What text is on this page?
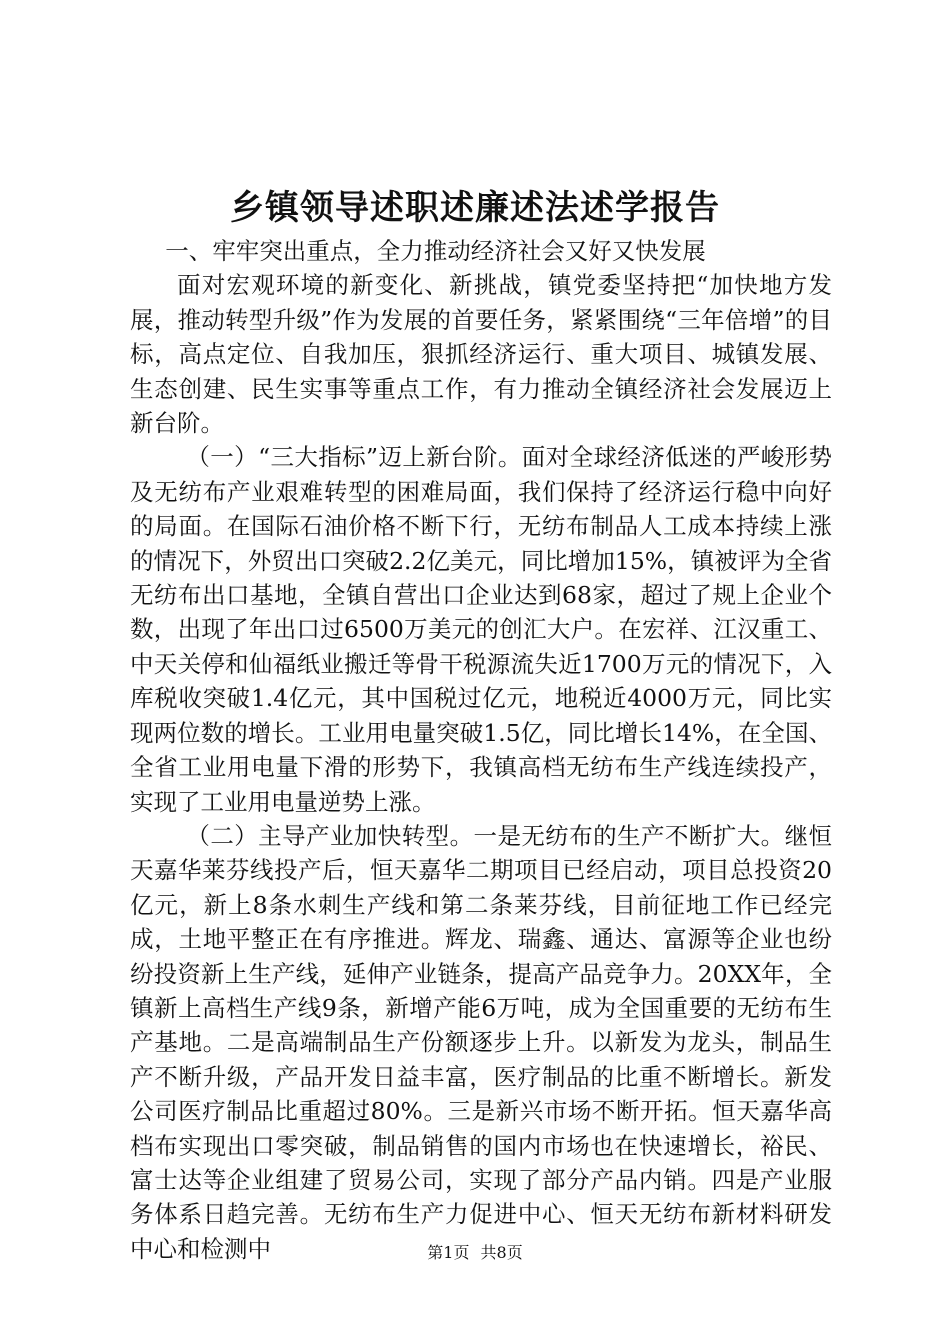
乡镇领导述职述廉述法述学报告

一、牢牢突出重点，全力推动经济社会又好又快发展

面对宏观环境的新变化、新挑战，镇党委坚持把“加快地方发展，推动转型升级”作为发展的首要任务，紧紧围绕“三年倍增”的目标，高点定位、自我加压，狠抓经济运行、重大项目、城镇发展、生态创建、民生实事等重点工作，有力推动全镇经济社会发展迈上新台阶。

（一）“三大指标”迈上新台阶。面对全球经济低迷的严峻形势及无纺布产业艰难转型的困难局面，我们保持了经济运行稳中向好的局面。在国际石油价格不断下行，无纺布制品人工成本持续上涨的情况下，外贸出口突破2.2亿美元，同比增加15%，镇被评为全省无纺布出口基地，全镇自营出口企业达到68家，超过了规上企业个数，出现了年出口过6500万美元的创汇大户。在宏祥、江汉重工、中天关停和仙福纸业搬迁等骨干税源流失近1700万元的情况下，入库税收突破1.4亿元，其中国税过亿元，地税近4000万元，同比实现两位数的增长。工业用电量突破1.5亿，同比增长14%，在全国、全省工业用电量下滑的形势下，我镇高档无纺布生产线连续投产，实现了工业用电量逆势上涨。

（二）主导产业加快转型。一是无纺布的生产不断扩大。继恒天嘉华莱芬线投产后，恒天嘉华二期项目已经启动，项目总投资20亿元，新上8条水刺生产线和第二条莱芬线，目前征地工作已经完成，土地平整正在有序推进。辉龙、瑞鑫、通达、富源等企业也纷纷投资新上生产线，延伸产业链条，提高产品竞争力。20XX年，全镇新上高档生产线9条，新增产能6万吨，成为全国重要的无纺布生产基地。二是高端制品生产份额逐步上升。以新发为龙头，制品生产不断升级，产品开发日益丰富，医疗制品的比重不断增长。新发公司医疗制品比重超过80%。三是新兴市场不断开拓。恒天嘉华高档布实现出口零突破，制品销售的国内市场也在快速增长，裕民、富士达等企业组建了贸易公司，实现了部分产品内销。四是产业服务体系日趋完善。无纺布生产力促进中心、恒天无纺布新材料研发中心和检测中	第1页 共8页
